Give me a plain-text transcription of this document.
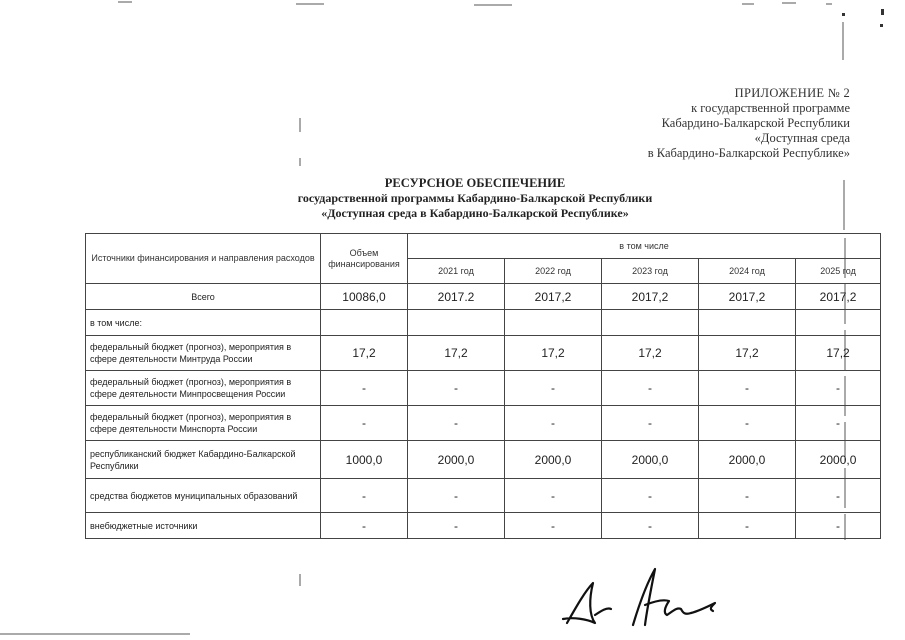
ПРИЛОЖЕНИЕ № 2
к государственной программе
Кабардино-Балкарской Республики
«Доступная среда
в Кабардино-Балкарской Республике»
РЕСУРСНОЕ ОБЕСПЕЧЕНИЕ
государственной программы Кабардино-Балкарской Республики
«Доступная среда в Кабардино-Балкарской Республике»
Источники финансирования и направления расходов	Объем финансирования	в том числе				
		2021 год	2022 год	2023 год	2024 год	2025 год
Всего	10086,0	2017.2	2017,2	2017,2	2017,2	2017,2
в том числе:						
федеральный бюджет (прогноз), мероприятия в сфере деятельности Минтруда России	17,2	17,2	17,2	17,2	17,2	17,2
федеральный бюджет (прогноз), мероприятия в сфере деятельности Минпросвещения России	-	-	-	-	-	-
федеральный бюджет (прогноз), мероприятия в сфере деятельности Минспорта России	-	-	-	-	-	-
республиканский бюджет Кабардино-Балкарской Республики	1000,0	2000,0	2000,0	2000,0	2000,0	2000,0
средства бюджетов муниципальных образований	-	-	-	-	-	-
внебюджетные источники	-	-	-	-	-	-
